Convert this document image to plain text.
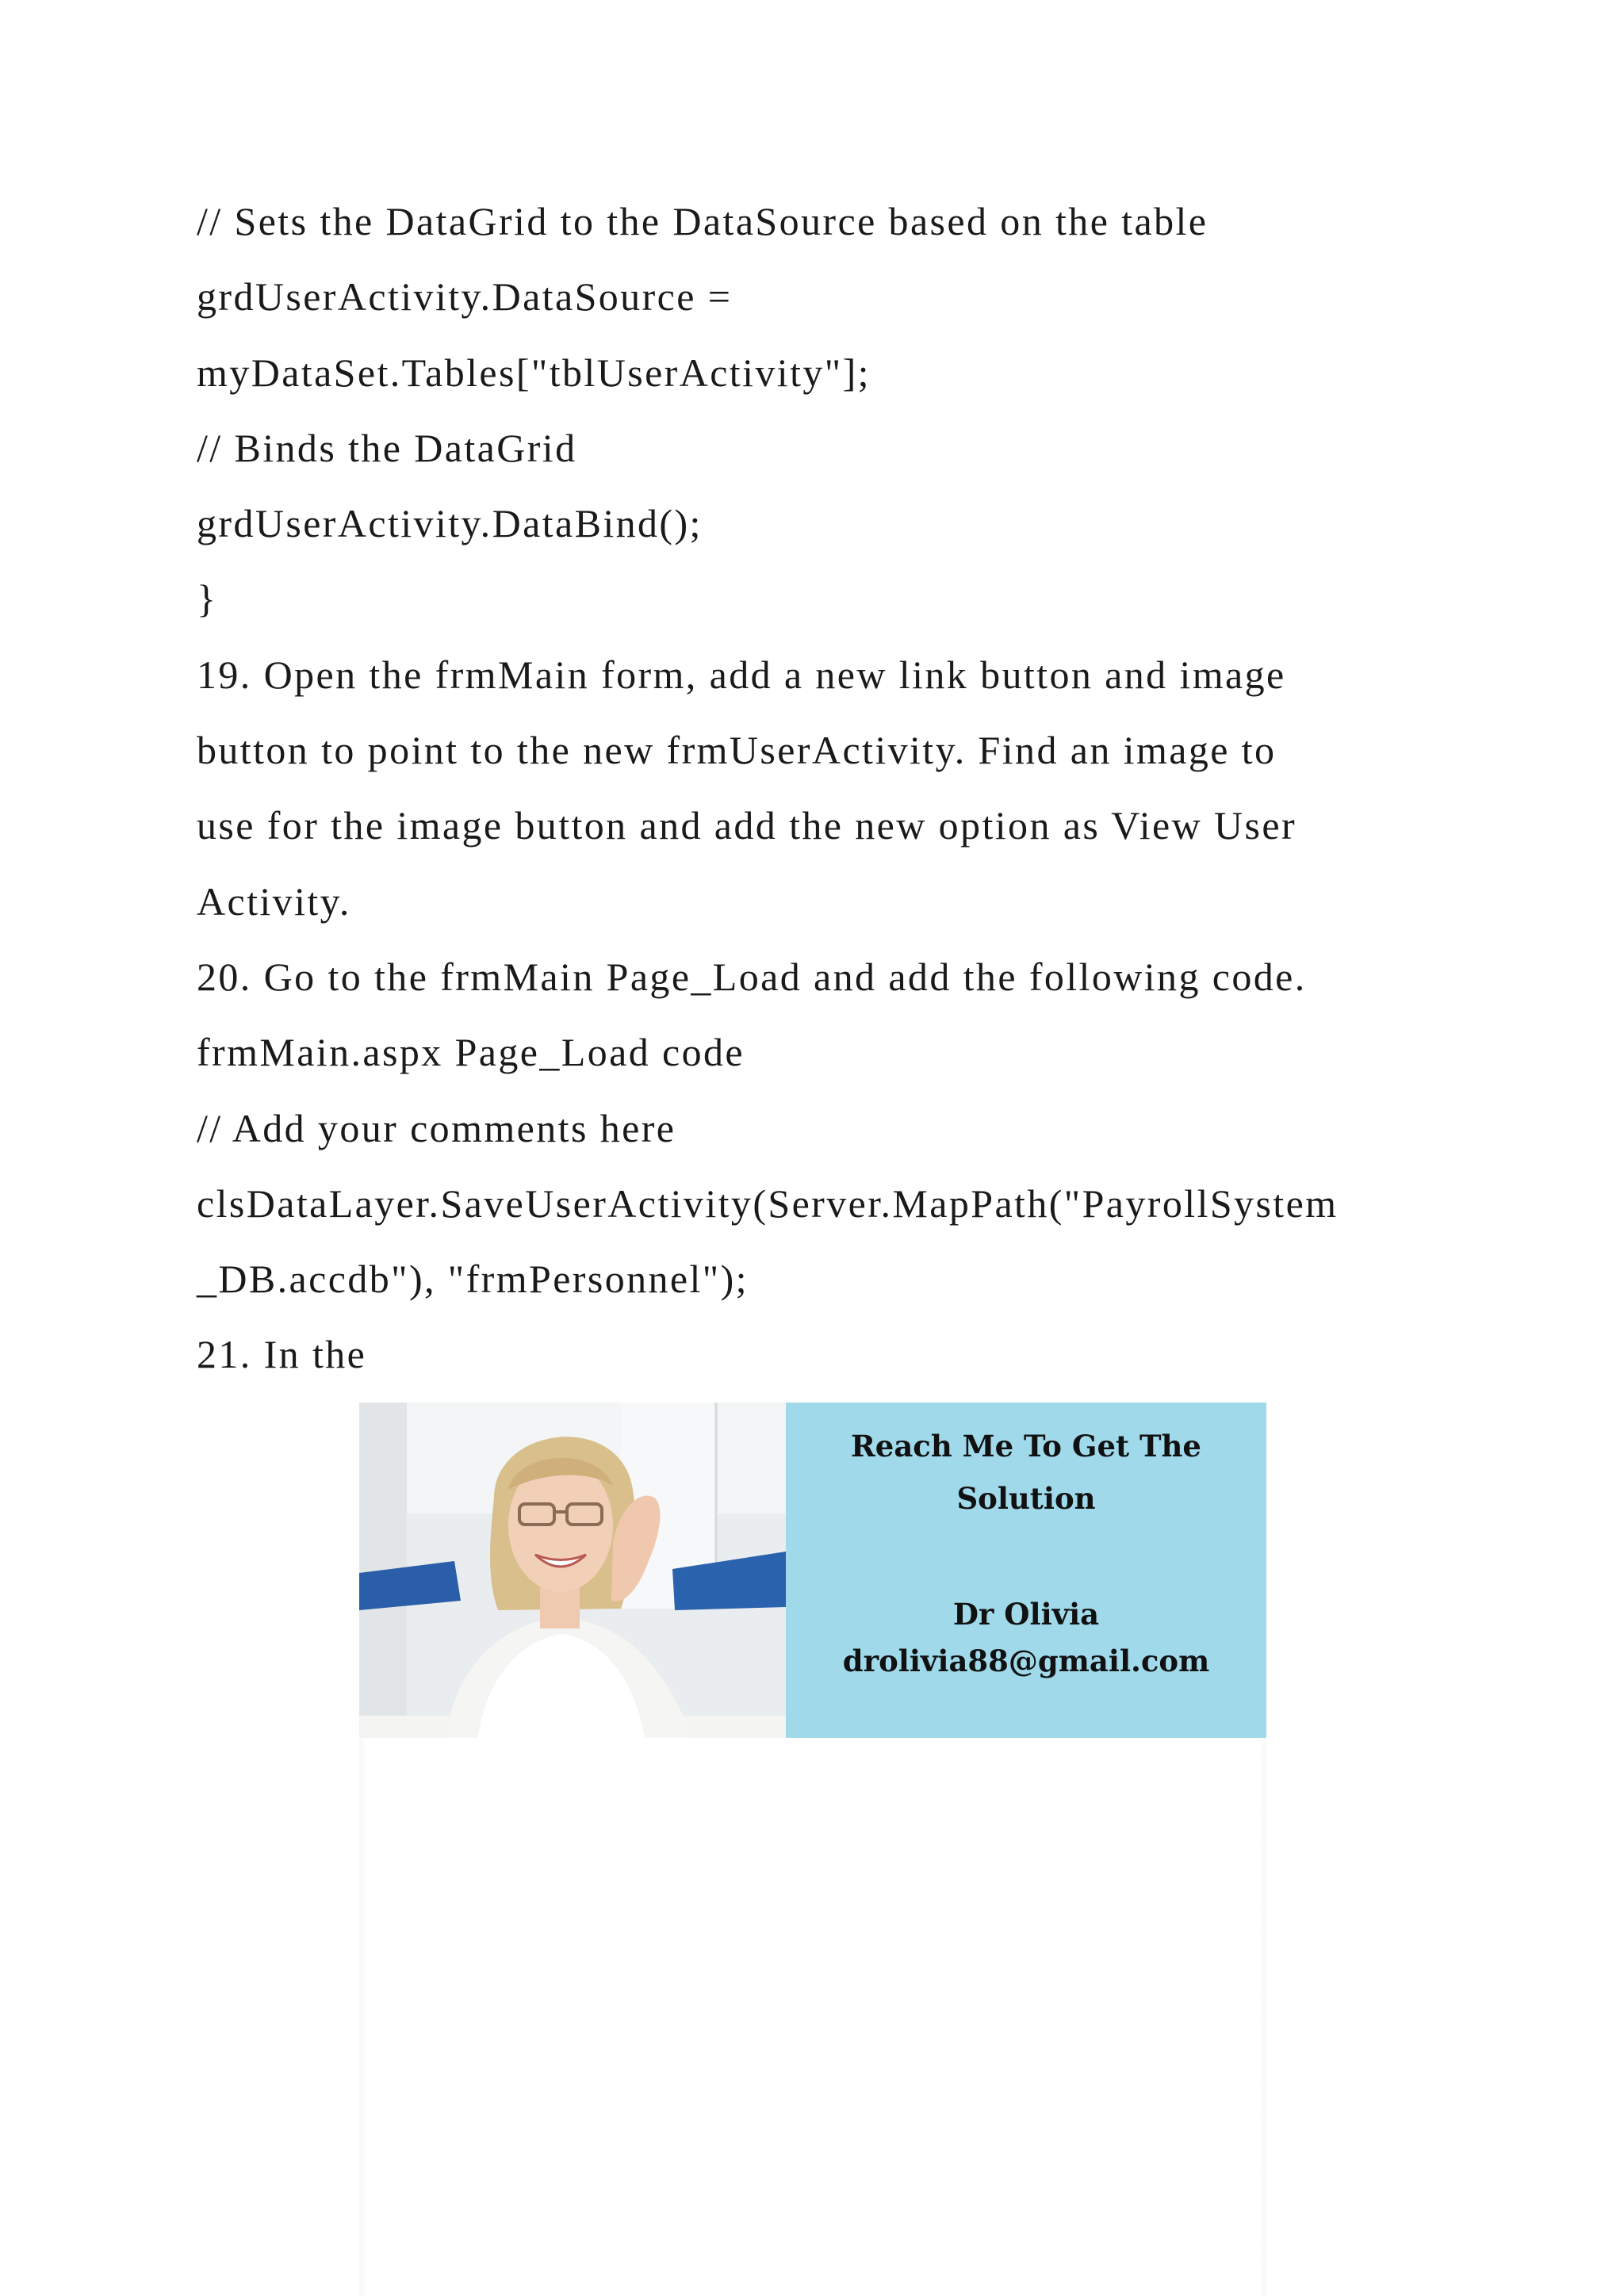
// Sets the DataGrid to the DataSource based on the table
grdUserActivity.DataSource =
myDataSet.Tables["tblUserActivity"];
// Binds the DataGrid
grdUserActivity.DataBind();
}
19. Open the frmMain form, add a new link button and image
button to point to the new frmUserActivity. Find an image to
use for the image button and add the new option as View User
Activity.
20. Go to the frmMain Page_Load and add the following code.
frmMain.aspx Page_Load code
// Add your comments here
clsDataLayer.SaveUserActivity(Server.MapPath("PayrollSystem
_DB.accdb"), "frmPersonnel");
21. In the
Reach Me To Get The
Solution
Dr Olivia
drolivia88@gmail.com
